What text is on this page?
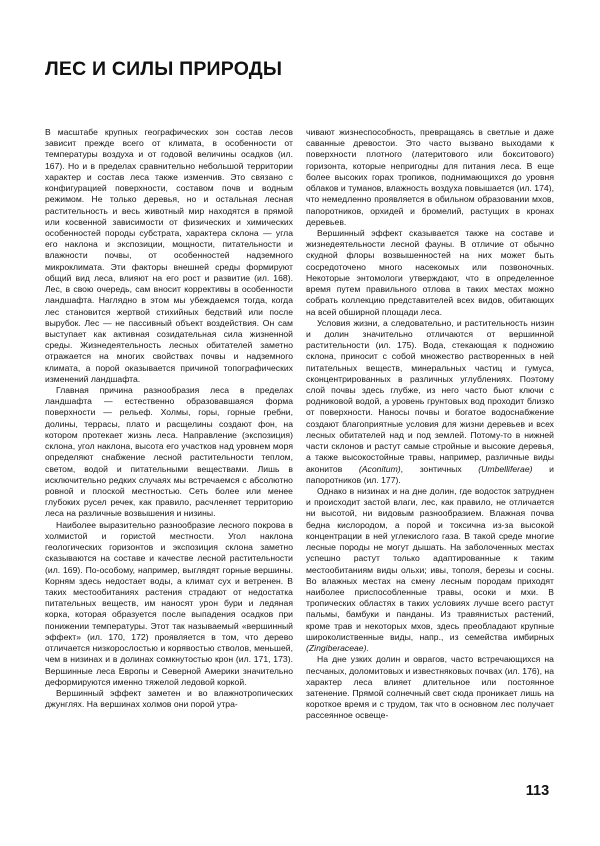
ЛЕС И СИЛЫ ПРИРОДЫ

В масштабе крупных географических зон состав лесов зависит прежде всего от климата, в особенности от температуры воздуха и от годовой величины осадков (ил. 167). Но и в пределах сравнительно небольшой территории характер и состав леса также изменчив. Это связано с конфигурацией поверхности, составом почв и водным режимом. Не только деревья, но и остальная лесная растительность и весь животный мир находятся в прямой или косвенной зависимости от физических и химических особенностей породы субстрата, характера склона — угла его наклона и экспозиции, мощности, питательности и влажности почвы, от особенностей надземного микроклимата. Эти факторы внешней среды формируют общий вид леса, влияют на его рост и развитие (ил. 168). Лес, в свою очередь, сам вносит коррективы в особенности ландшафта. Наглядно в этом мы убеждаемся тогда, когда лес становится жертвой стихийных бедствий или после вырубок. Лес — не пассивный объект воздействия. Он сам выступает как активная созидательная сила жизненной среды. Жизнедеятельность лесных обитателей заметно отражается на многих свойствах почвы и надземного климата, а порой оказывается причиной топографических изменений ландшафта.

Главная причина разнообразия леса в пределах ландшафта — естественно образовавшаяся форма поверхности — рельеф. Холмы, горы, горные гребни, долины, террасы, плато и расщелины создают фон, на котором протекает жизнь леса. Направление (экспозиция) склона, угол наклона, высота его участков над уровнем моря определяют снабжение лесной растительности теплом, светом, водой и питательными веществами. Лишь в исключительно редких случаях мы встречаемся с абсолютно ровной и плоской местностью. Сеть более или менее глубоких русел речек, как правило, расчленяет территорию леса на различные возвышения и низины.

Наиболее выразительно разнообразие лесного покрова в холмистой и гористой местности. Угол наклона геологических горизонтов и экспозиция склона заметно сказываются на составе и качестве лесной растительности (ил. 169). По-особому, например, выглядят горные вершины. Корням здесь недостает воды, а климат сух и ветренен. В таких местообитаниях растения страдают от недостатка питательных веществ, им наносят урон бури и ледяная корка, которая образуется после выпадения осадков при понижении температуры. Этот так называемый «вершинный эффект» (ил. 170, 172) проявляется в том, что дерево отличается низкорослостью и корявостью стволов, меньшей, чем в низинах и в долинах сомкнутостью крон (ил. 171, 173). Вершинные леса Европы и Северной Америки значительно деформируются именно тяжелой ледовой коркой.

Вершинный эффект заметен и во влажнотропических джунглях. На вершинах холмов они порой утра-

чивают жизнеспособность, превращаясь в светлые и даже саванные древостои. Это часто вызвано выходами к поверхности плотного (латеритового или бокситового) горизонта, которые непригодны для питания леса. В еще более высоких горах тропиков, поднимающихся до уровня облаков и туманов, влажность воздуха повышается (ил. 174), что немедленно проявляется в обильном образовании мхов, папоротников, орхидей и бромелий, растущих в кронах деревьев.

Вершинный эффект сказывается также на составе и жизнедеятельности лесной фауны. В отличие от обычно скудной флоры возвышенностей на них может быть сосредоточено много насекомых или позвоночных. Некоторые энтомологи утверждают, что в определенное время путем правильного отлова в таких местах можно собрать коллекцию представителей всех видов, обитающих на всей обширной площади леса.

Условия жизни, а следовательно, и растительность низин и долин значительно отличаются от вершинной растительности (ил. 175). Вода, стекающая к подножию склона, приносит с собой множество растворенных в ней питательных веществ, минеральных частиц и гумуса, сконцентрированных в различных углублениях. Поэтому слой почвы здесь глубже, из него часто бьют ключи с родниковой водой, а уровень грунтовых вод проходит близко от поверхности. Наносы почвы и богатое водоснабжение создают благоприятные условия для жизни деревьев и всех лесных обитателей над и под землей. Потому-то в нижней части склонов и растут самые стройные и высокие деревья, а также высокостойные травы, например, различные виды аконитов (Aconitum), зонтичных (Umbelliferae) и папоротников (ил. 177).

Однако в низинах и на дне долин, где водосток затруднен и происходит застой влаги, лес, как правило, не отличается ни высотой, ни видовым разнообразием. Влажная почва бедна кислородом, а порой и токсична из-за высокой концентрации в ней углекислого газа. В такой среде многие лесные породы не могут дышать. На заболоченных местах успешно растут только адаптированные к таким местообитаниям виды ольхи; ивы, тополя, березы и сосны. Во влажных местах на смену лесным породам приходят наиболее приспособленные травы, осоки и мхи. В тропических областях в таких условиях лучше всего растут пальмы, бамбуки и панданы. Из травянистых растений, кроме трав и некоторых мхов, здесь преобладают крупные широколиственные виды, напр., из семейства имбирных (Zingiberaceae).

На дне узких долин и оврагов, часто встречающихся на песчаных, доломитовых и известняковых почвах (ил. 176), на характер леса влияет длительное или постоянное затенение. Прямой солнечный свет сюда проникает лишь на короткое время и с трудом, так что в основном лес получает рассеянное освеще-

113
